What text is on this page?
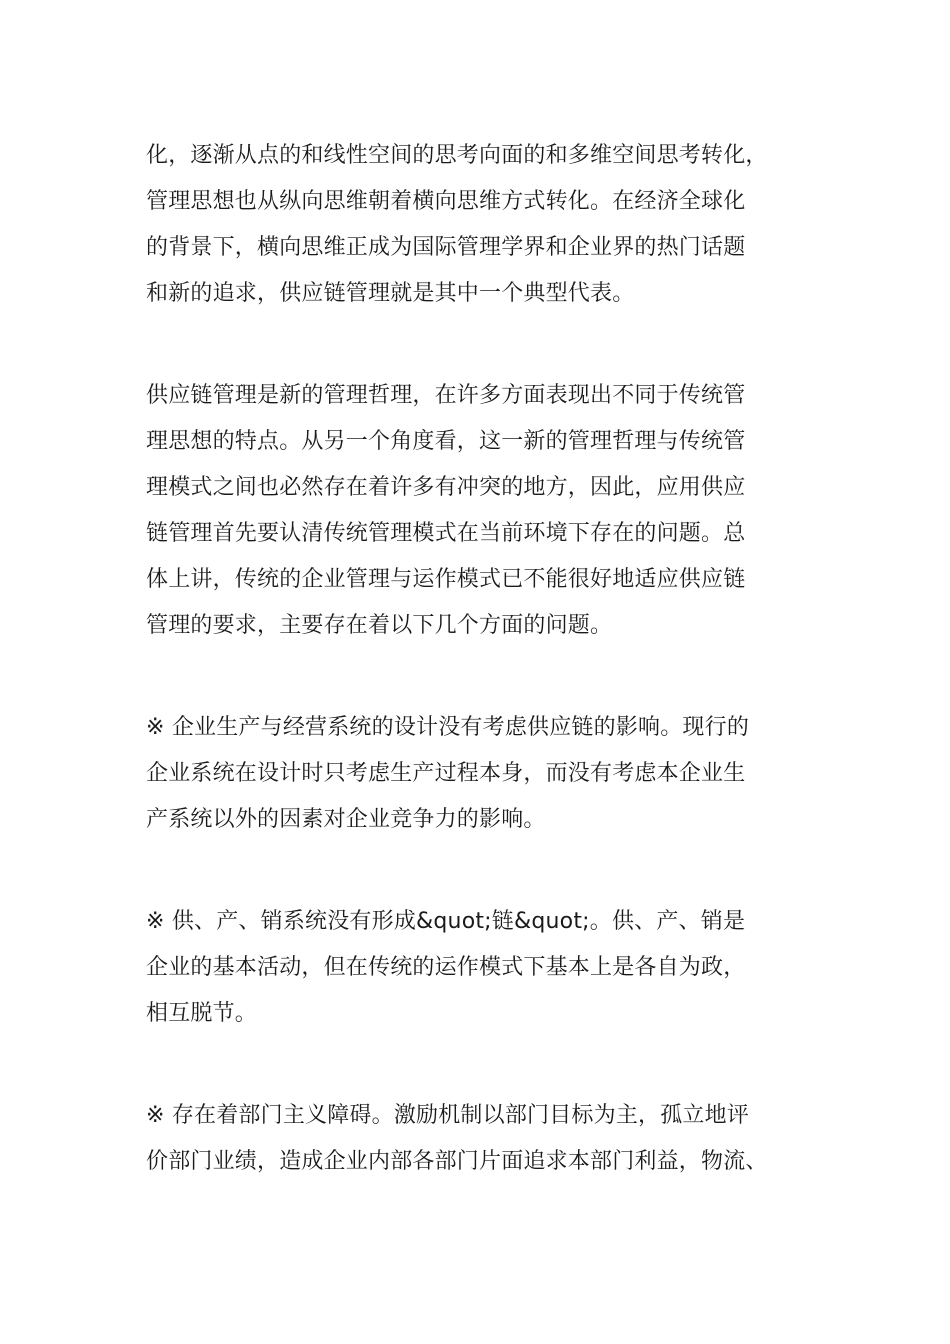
化，逐渐从点的和线性空间的思考向面的和多维空间思考转化，
管理思想也从纵向思维朝着横向思维方式转化。在经济全球化
的背景下，横向思维正成为国际管理学界和企业界的热门话题
和新的追求，供应链管理就是其中一个典型代表。
供应链管理是新的管理哲理，在许多方面表现出不同于传统管
理思想的特点。从另一个角度看，这一新的管理哲理与传统管
理模式之间也必然存在着许多有冲突的地方，因此，应用供应
链管理首先要认清传统管理模式在当前环境下存在的问题。总
体上讲，传统的企业管理与运作模式已不能很好地适应供应链
管理的要求，主要存在着以下几个方面的问题。
※ 企业生产与经营系统的设计没有考虑供应链的影响。现行的
企业系统在设计时只考虑生产过程本身，而没有考虑本企业生
产系统以外的因素对企业竞争力的影响。
※ 供、产、销系统没有形成&quot;链&quot;。供、产、销是
企业的基本活动，但在传统的运作模式下基本上是各自为政，
相互脱节。
※ 存在着部门主义障碍。激励机制以部门目标为主，孤立地评
价部门业绩，造成企业内部各部门片面追求本部门利益，物流、
